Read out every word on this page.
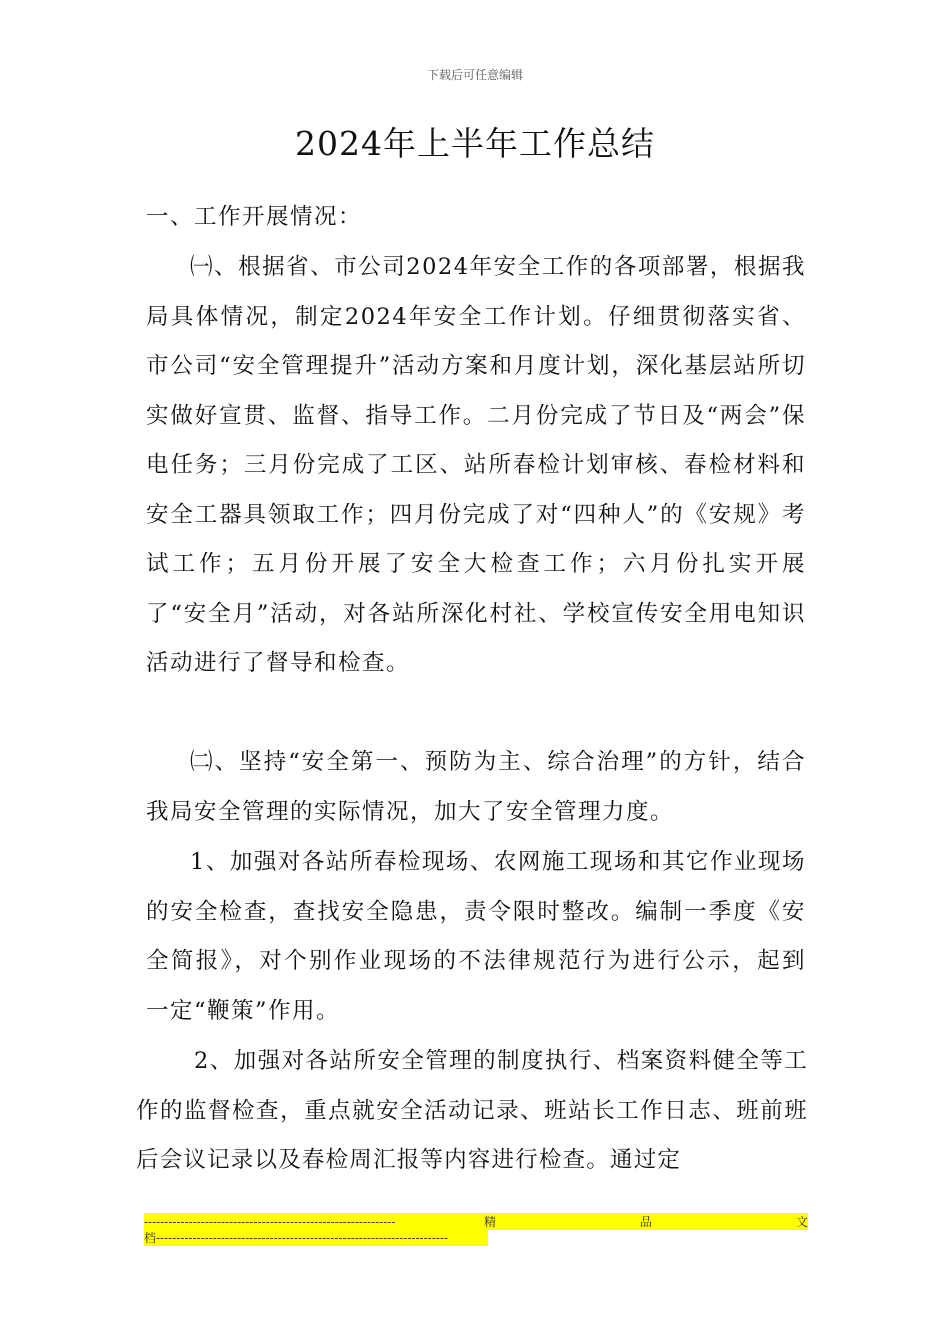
下载后可任意编辑
2024年上半年工作总结

一、工作开展情况：

㈠、根据省、市公司2024年安全工作的各项部署，根据我局具体情况，制定2024年安全工作计划。仔细贯彻落实省、市公司“安全管理提升”活动方案和月度计划，深化基层站所切实做好宣贯、监督、指导工作。二月份完成了节日及“两会”保电任务；三月份完成了工区、站所春检计划审核、春检材料和安全工器具领取工作；四月份完成了对“四种人”的《安规》考试工作；五月份开展了安全大检查工作；六月份扎实开展了“安全月”活动，对各站所深化村社、学校宣传安全用电知识活动进行了督导和检查。

㈡、坚持“安全第一、预防为主、综合治理”的方针，结合我局安全管理的实际情况，加大了安全管理力度。

1、加强对各站所春检现场、农网施工现场和其它作业现场的安全检查，查找安全隐患，责令限时整改。编制一季度《安全简报》，对个别作业现场的不法律规范行为进行公示，起到一定“鞭策”作用。

2、加强对各站所安全管理的制度执行、档案资料健全等工作的监督检查，重点就安全活动记录、班站长工作日志、班前班后会议记录以及春检周汇报等内容进行检查。通过定

--------------------------------------------------------------	精	品	文
档------------------------------------------------------------------------
